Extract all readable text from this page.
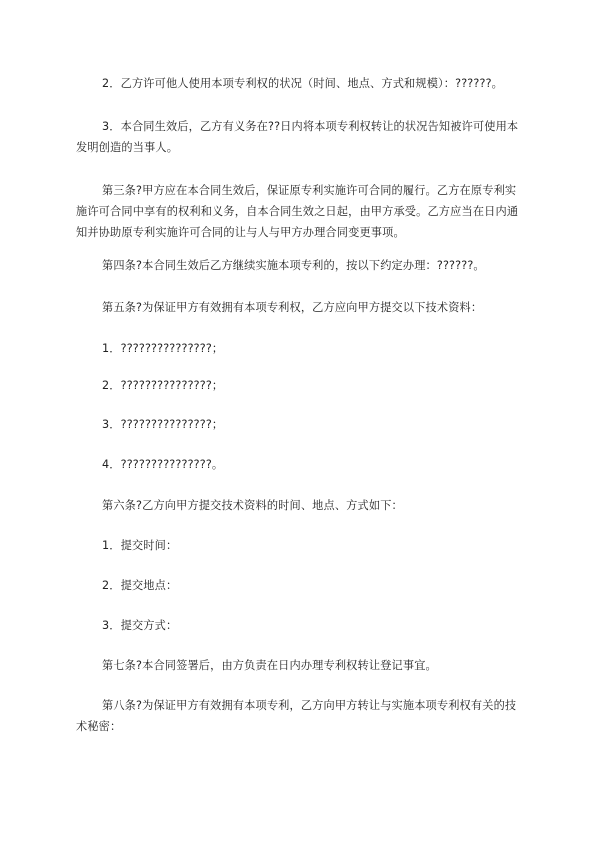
2．乙方许可他人使用本项专利权的状况（时间、地点、方式和规模）：??????。

3．本合同生效后，乙方有义务在??日内将本项专利权转让的状况告知被许可使用本发明创造的当事人。

第三条?甲方应在本合同生效后，保证原专利实施许可合同的履行。乙方在原专利实施许可合同中享有的权利和义务，自本合同生效之日起，由甲方承受。乙方应当在日内通知并协助原专利实施许可合同的让与人与甲方办理合同变更事项。

第四条?本合同生效后乙方继续实施本项专利的，按以下约定办理：??????。

第五条?为保证甲方有效拥有本项专利权，乙方应向甲方提交以下技术资料：

1．???????????????；

2．???????????????；

3．???????????????；

4．???????????????。

第六条?乙方向甲方提交技术资料的时间、地点、方式如下：

1．提交时间：

2．提交地点：

3．提交方式：

第七条?本合同签署后，由方负责在日内办理专利权转让登记事宜。

第八条?为保证甲方有效拥有本项专利，乙方向甲方转让与实施本项专利权有关的技术秘密：
